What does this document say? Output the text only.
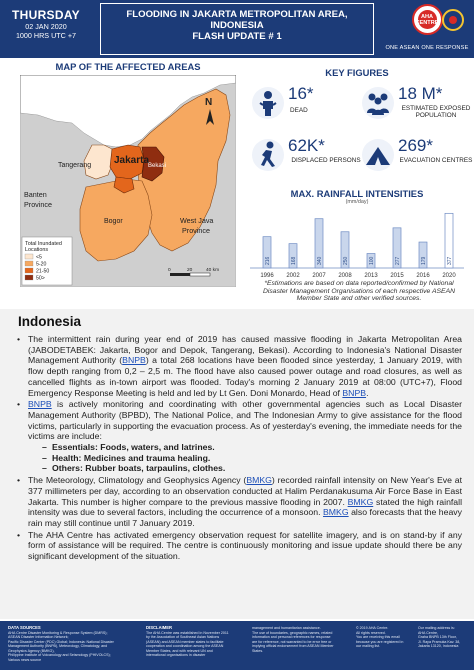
THURSDAY
02 JAN 2020
1000 HRS UTC +7
FLOODING IN JAKARTA METROPOLITAN AREA,
INDONESIA
FLASH UPDATE # 1
AHA CENTRE
ONE ASEAN ONE RESPONSE
MAP OF THE AFFECTED AREAS
Banten
Province
Tangerang Jakarta
Bekasi
Bogor	West Java
Province
N
Total Inundated
Locations
<5
5-20
21-50
50>
0	20	40 km
KEY FIGURES
16*
DEAD
18 M*
ESTIMATED EXPOSED POPULATION
62K*
DISPLACED PERSONS
269*
EVACUATION CENTRES
MAX. RAINFALL INTENSITIES
(mm/day)
216
1996
168
2002
340
2007
250
2008
100
2013
277
2015
179
2016
377
2020
*Estimations are based on data reported/confirmed by National Disaster Management Organisations of each respective ASEAN Member State and other verified sources.
Indonesia
• The intermittent rain during year end of 2019 has caused massive flooding in Jakarta Metropolitan Area (JABODETABEK: Jakarta, Bogor and Depok, Tangerang, Bekasi). According to Indonesia's National Disaster Management Authority (BNPB) a total 268 locations have been flooded since yesterday, 1 January 2019, with flow depth ranging from 0,2 – 2,5 m. The flood have also caused power outage and road closures, as well as cancelled flights as in-town airport was flooded. Today's morning 2 January 2019 at 08:00 (UTC+7), Flood Emergency Response Meeting is held and led by Lt Gen. Doni Monardo, Head of BNPB.
• BNPB is actively monitoring and coordinating with other governmental agencies such as Local Disaster Management Authority (BPBD), The National Police, and The Indonesian Army to give assistance for the flood victims, particularly in supporting the evacuation process. As of yesterday's evening, the immediate needs for the victims are include:
– Essentials: Foods, waters, and latrines.
– Health: Medicines and trauma healing.
– Others: Rubber boats, tarpaulins, clothes.
• The Meteorology, Climatology and Geophysics Agency (BMKG) recorded rainfall intensity on New Year's Eve at 377 millimeters per day, according to an observation conducted at Halim Perdanakusuma Air Force Base in East Jakarta. This number is higher compare to the previous massive flooding in 2007. BMKG stated the high rainfall intensity was due to several factors, including the occurrence of a monsoon. BMKG also forecasts that the heavy rain may still continue until 7 January 2019.
• The AHA Centre has activated emergency observation request for satellite imagery, and is on stand-by if any form of assistance will be required. The centre is continuously monitoring and issue update should there be any significant development of the situation.
DATA SOURCES
AHA Centre Disaster Monitoring & Response System (DMRS);
ASEAN Disaster Information Network;
Pacific Disaster Center (PDC) Global; Indonesia: National Disaster
Management Authority (BNPB), Meteorology, Climatology, and
Geophysics Agency (BMKG),
Philippine Institute of Volcanology and Seismology (PHIVOLCS);
Various news source
DISCLAIMER
The AHA Centre was established in November 2011
by the Association of Southeast Asian Nations
(ASEAN) and ASEAN member states to facilitate
cooperation and coordination among the ASEAN
Member States, and with relevant UN and
international organisations in disaster
management and humanitarian assistance.
The use of boundaries, geographic names, related
information and personal references for response
are for reference, not warranted to be error free or
implying official endorsement from ASEAN Member
States.
© 2019 AHA Centre.
All rights reserved.
You are receiving this email
because you are registered in
our mailing list.
Our mailing address is:
AHA Centre,
Graha BNPB 13th Floor,
Jl. Raya Pramuka Kav. 38,
Jakarta 13120, Indonesia
